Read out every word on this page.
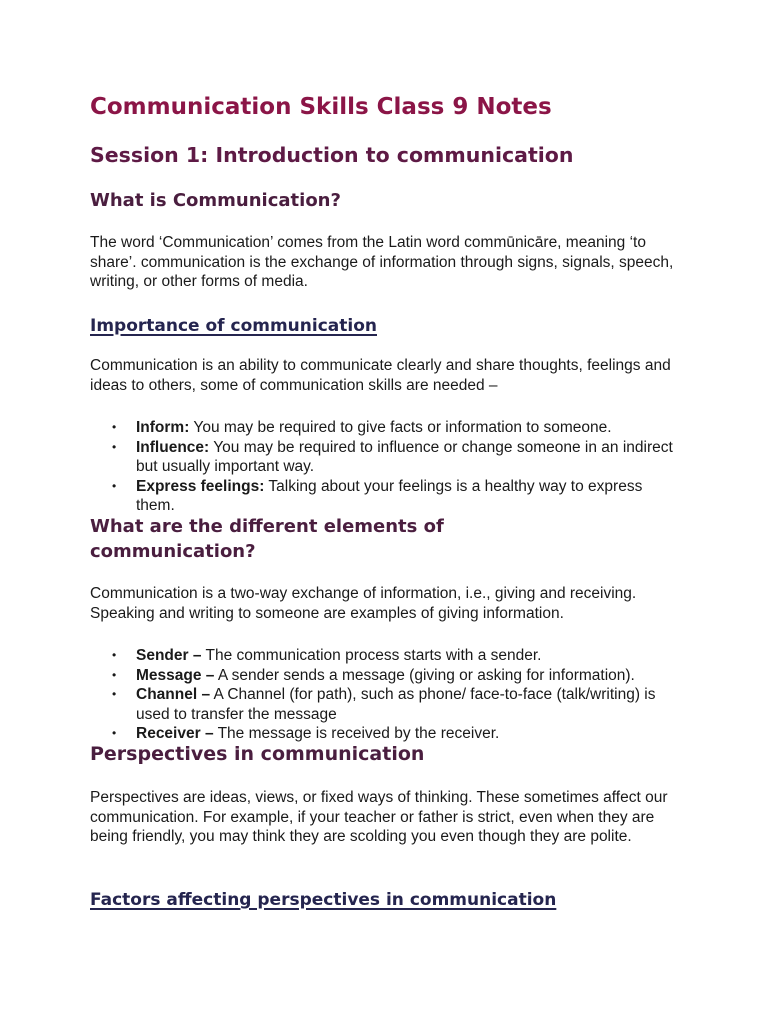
Communication Skills Class 9 Notes
Session 1: Introduction to communication
What is Communication?

The word ‘Communication’ comes from the Latin word commūnicāre, meaning ‘to share’. communication is the exchange of information through signs, signals, speech, writing, or other forms of media.

Importance of communication

Communication is an ability to communicate clearly and share thoughts, feelings and ideas to others, some of communication skills are needed –

• Inform: You may be required to give facts or information to someone.
• Influence: You may be required to influence or change someone in an indirect but usually important way.
• Express feelings: Talking about your feelings is a healthy way to express them.
What are the different elements of communication?

Communication is a two-way exchange of information, i.e., giving and receiving. Speaking and writing to someone are examples of giving information.

• Sender – The communication process starts with a sender.
• Message – A sender sends a message (giving or asking for information).
• Channel – A Channel (for path), such as phone/ face-to-face (talk/writing) is used to transfer the message
• Receiver – The message is received by the receiver.
Perspectives in communication

Perspectives are ideas, views, or fixed ways of thinking. These sometimes affect our communication. For example, if your teacher or father is strict, even when they are being friendly, you may think they are scolding you even though they are polite.

Factors affecting perspectives in communication
